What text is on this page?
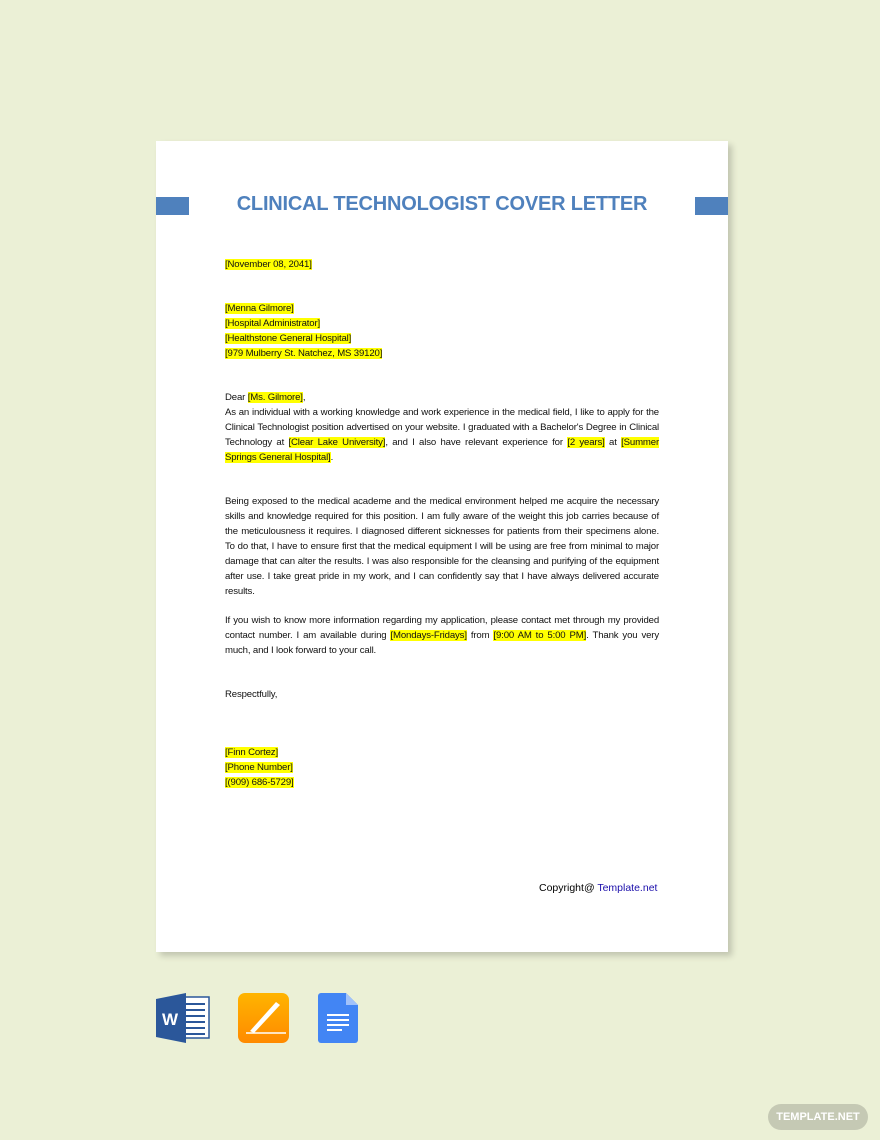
CLINICAL TECHNOLOGIST COVER LETTER
[November 08, 2041]
[Menna Gilmore]
[Hospital Administrator]
[Healthstone General Hospital]
[979 Mulberry St. Natchez, MS 39120]
Dear [Ms. Gilmore],
As an individual with a working knowledge and work experience in the medical field, I like to apply for the Clinical Technologist position advertised on your website. I graduated with a Bachelor's Degree in Clinical Technology at [Clear Lake University], and I also have relevant experience for [2 years] at [Summer Springs General Hospital].
Being exposed to the medical academe and the medical environment helped me acquire the necessary skills and knowledge required for this position. I am fully aware of the weight this job carries because of the meticulousness it requires. I diagnosed different sicknesses for patients from their specimens alone. To do that, I have to ensure first that the medical equipment I will be using are free from minimal to major damage that can alter the results. I was also responsible for the cleansing and purifying of the equipment after use. I take great pride in my work, and I can confidently say that I have always delivered accurate results.
If you wish to know more information regarding my application, please contact met through my provided contact number. I am available during [Mondays-Fridays] from [9:00 AM to 5:00 PM]. Thank you very much, and I look forward to your call.
Respectfully,
[Finn Cortez]
[Phone Number]
[(909) 686-5729]
Copyright@ Template.net
W
TEMPLATE.NET
